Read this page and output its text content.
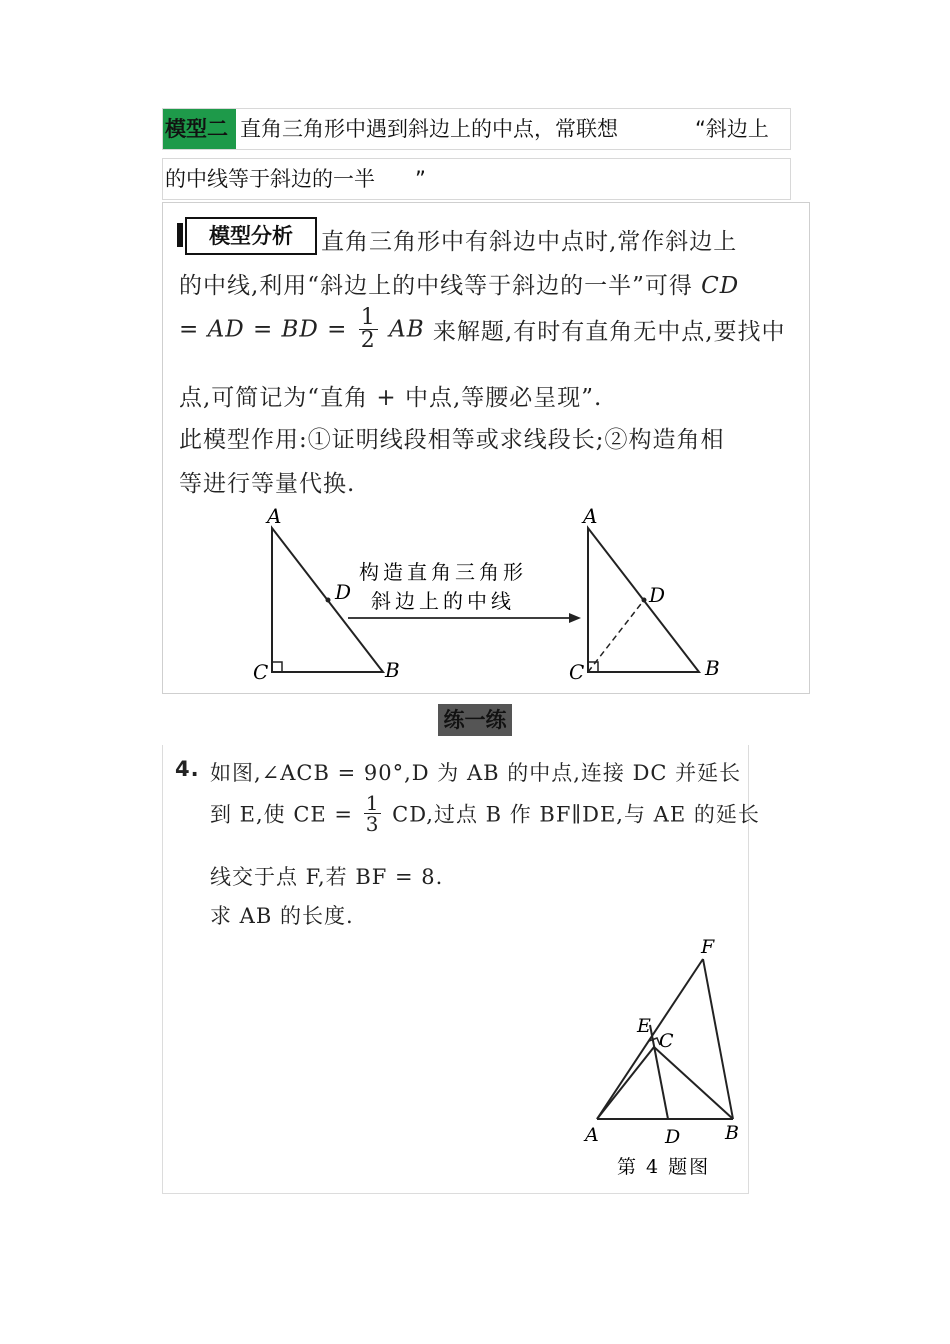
模型二 直角三角形中遇到斜边上的中点，常联想	“斜边上
的中线等于斜边的一半 ”
模型分析	直角三角形中有斜边中点时,常作斜边上
的中线,利用“斜边上的中线等于斜边的一半”可得 CD
= AD = BD = $\frac{1}{2}$ AB 来解题,有时有直角无中点,要找中
点,可简记为“直角 + 中点,等腰必呈现”.
此模型作用:①证明线段相等或求线段长;②构造角相
等进行等量代换.
A
D
C	B
构造直角三角形
斜边上的中线
A
D
C	B
练一练
4. 如图,∠ACB = 90°,D 为 AB 的中点,连接 DC 并延长
到 E,使 CE = $\frac{1}{3}$ CD,过点 B 作 BF∥DE,与 AE 的延长
线交于点 F,若 BF = 8.
求 AB 的长度.
F
E
C
A	D B
第 4 题图
